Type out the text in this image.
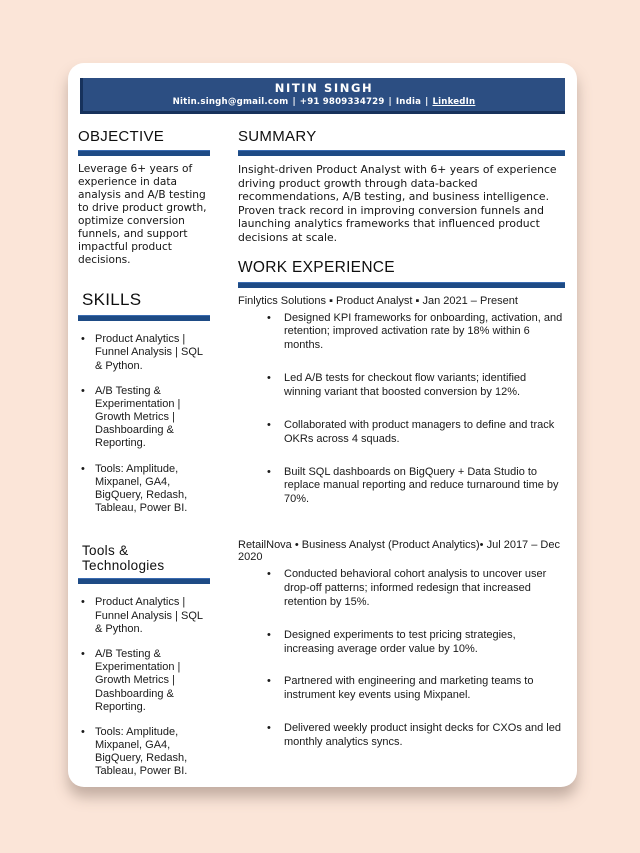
NITIN SINGH
Nitin.singh@gmail.com | +91 9809334729 | India | LinkedIn
OBJECTIVE
Leverage 6+ years of experience in data analysis and A/B testing to drive product growth, optimize conversion funnels, and support impactful product decisions.
SKILLS
• Product Analytics | Funnel Analysis | SQL & Python.
• A/B Testing & Experimentation | Growth Metrics | Dashboarding & Reporting.
• Tools: Amplitude, Mixpanel, GA4, BigQuery, Redash, Tableau, Power BI.
Tools & Technologies
• Product Analytics | Funnel Analysis | SQL & Python.
• A/B Testing & Experimentation | Growth Metrics | Dashboarding & Reporting.
• Tools: Amplitude, Mixpanel, GA4, BigQuery, Redash, Tableau, Power BI.
SUMMARY
Insight-driven Product Analyst with 6+ years of experience driving product growth through data-backed recommendations, A/B testing, and business intelligence. Proven track record in improving conversion funnels and launching analytics frameworks that influenced product decisions at scale.
WORK EXPERIENCE
Finlytics Solutions ▪ Product Analyst ▪ Jan 2021 – Present
• Designed KPI frameworks for onboarding, activation, and retention; improved activation rate by 18% within 6 months.
• Led A/B tests for checkout flow variants; identified winning variant that boosted conversion by 12%.
• Collaborated with product managers to define and track OKRs across 4 squads.
• Built SQL dashboards on BigQuery + Data Studio to replace manual reporting and reduce turnaround time by 70%.
RetailNova • Business Analyst (Product Analytics)• Jul 2017 – Dec 2020
• Conducted behavioral cohort analysis to uncover user drop-off patterns; informed redesign that increased retention by 15%.
• Designed experiments to test pricing strategies, increasing average order value by 10%.
• Partnered with engineering and marketing teams to instrument key events using Mixpanel.
• Delivered weekly product insight decks for CXOs and led monthly analytics syncs.
